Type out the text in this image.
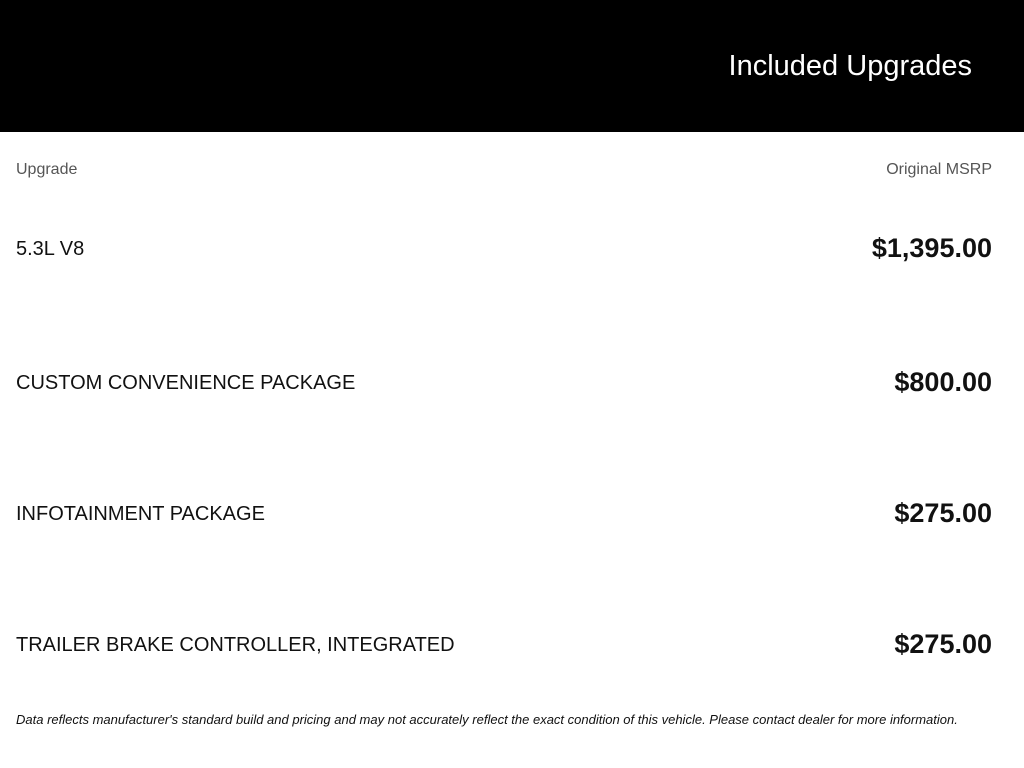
Included Upgrades
Upgrade	Original MSRP
5.3L V8	$1,395.00
CUSTOM CONVENIENCE PACKAGE	$800.00
INFOTAINMENT PACKAGE	$275.00
TRAILER BRAKE CONTROLLER, INTEGRATED	$275.00

Data reflects manufacturer's standard build and pricing and may not accurately reflect the exact condition of this vehicle. Please contact dealer for more information.
